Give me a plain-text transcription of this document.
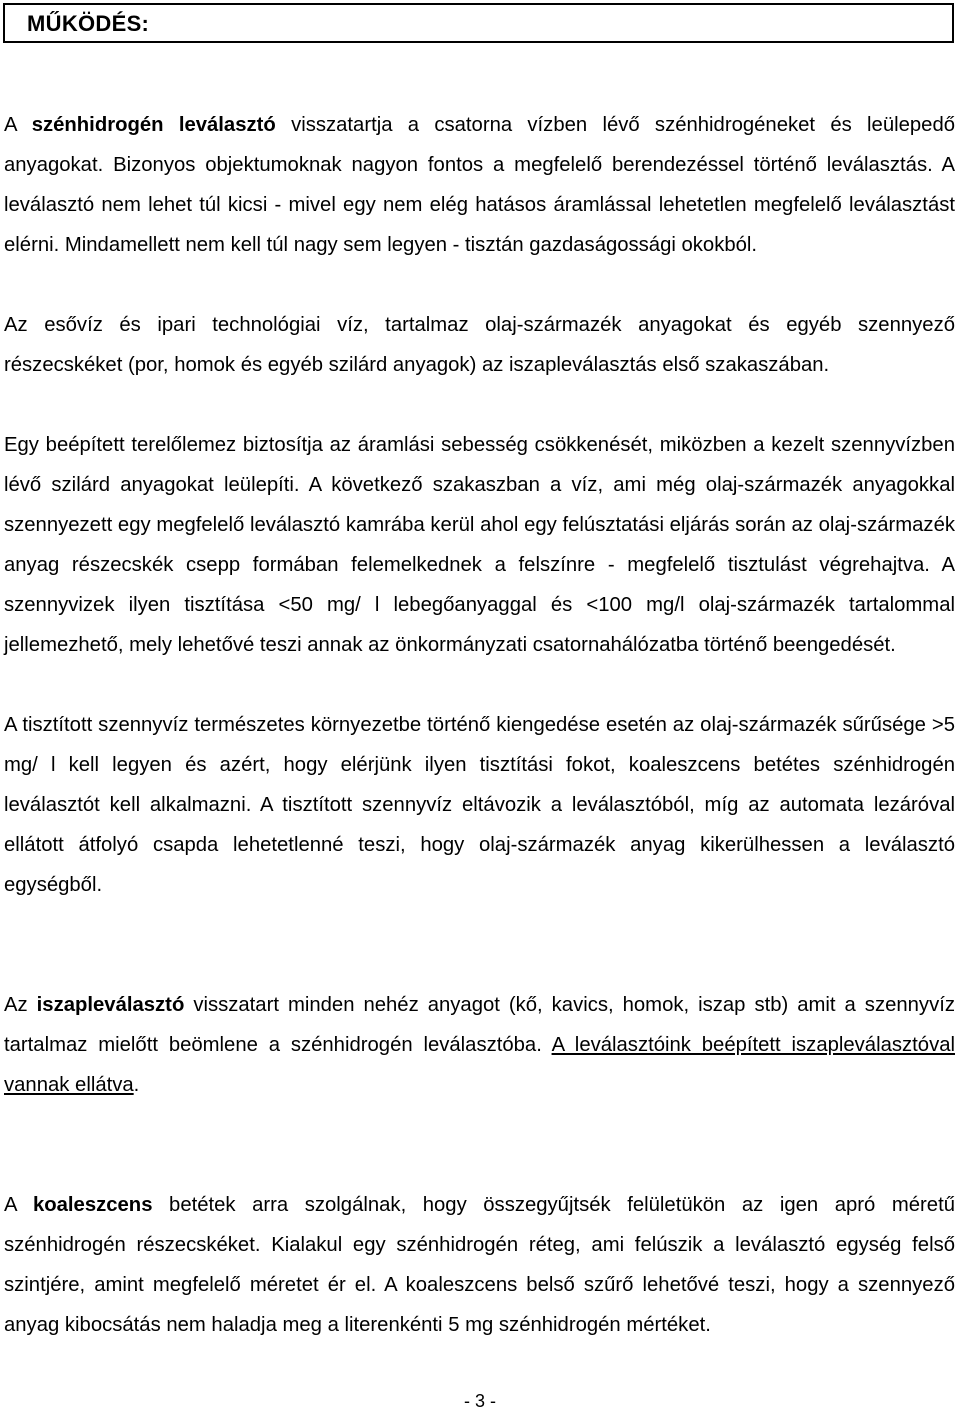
MŰKÖDÉS:

A szénhidrogén leválasztó visszatartja a csatorna vízben lévő szénhidrogéneket és leülepedő anyagokat. Bizonyos objektumoknak nagyon fontos a megfelelő berendezéssel történő leválasztás. A leválasztó nem lehet túl kicsi - mivel egy nem elég hatásos áramlással lehetetlen megfelelő leválasztást elérni. Mindamellett nem kell túl nagy sem legyen - tisztán gazdaságossági okokból.

Az esővíz és ipari technológiai víz, tartalmaz olaj-származék anyagokat és egyéb szennyező részecskéket (por, homok és egyéb szilárd anyagok) az iszapleválasztás első szakaszában.

Egy beépített terelőlemez biztosítja az áramlási sebesség csökkenését, miközben a kezelt szennyvízben lévő szilárd anyagokat leülepíti. A következő szakaszban a víz, ami még olaj-származék anyagokkal szennyezett egy megfelelő leválasztó kamrába kerül ahol egy felúsztatási eljárás során az olaj-származék anyag részecskék csepp formában felemelkednek a felszínre - megfelelő tisztulást végrehajtva. A szennyvizek ilyen tisztítása <50 mg/ l lebegőanyaggal és <100 mg/l olaj-származék tartalommal jellemezhető, mely lehetővé teszi annak az önkormányzati csatornahálózatba történő beengedését.

A tisztított szennyvíz természetes környezetbe történő kiengedése esetén az olaj-származék sűrűsége >5 mg/ l kell legyen és azért, hogy elérjünk ilyen tisztítási fokot, koaleszcens betétes szénhidrogén leválasztót kell alkalmazni. A tisztított szennyvíz eltávozik a leválasztóból, míg az automata lezáróval ellátott átfolyó csapda lehetetlenné teszi, hogy olaj-származék anyag kikerülhessen a leválasztó egységből.

Az iszapleválasztó visszatart minden nehéz anyagot (kő, kavics, homok, iszap stb) amit a szennyvíz tartalmaz mielőtt beömlene a szénhidrogén leválasztóba. A leválasztóink beépített iszapleválasztóval vannak ellátva.

A koaleszcens betétek arra szolgálnak, hogy összegyűjtsék felületükön az igen apró méretű szénhidrogén részecskéket. Kialakul egy szénhidrogén réteg, ami felúszik a leválasztó egység felső szintjére, amint megfelelő méretet ér el. A koaleszcens belső szűrő lehetővé teszi, hogy a szennyező anyag kibocsátás nem haladja meg a literenkénti 5 mg szénhidrogén mértéket.

- 3 -
